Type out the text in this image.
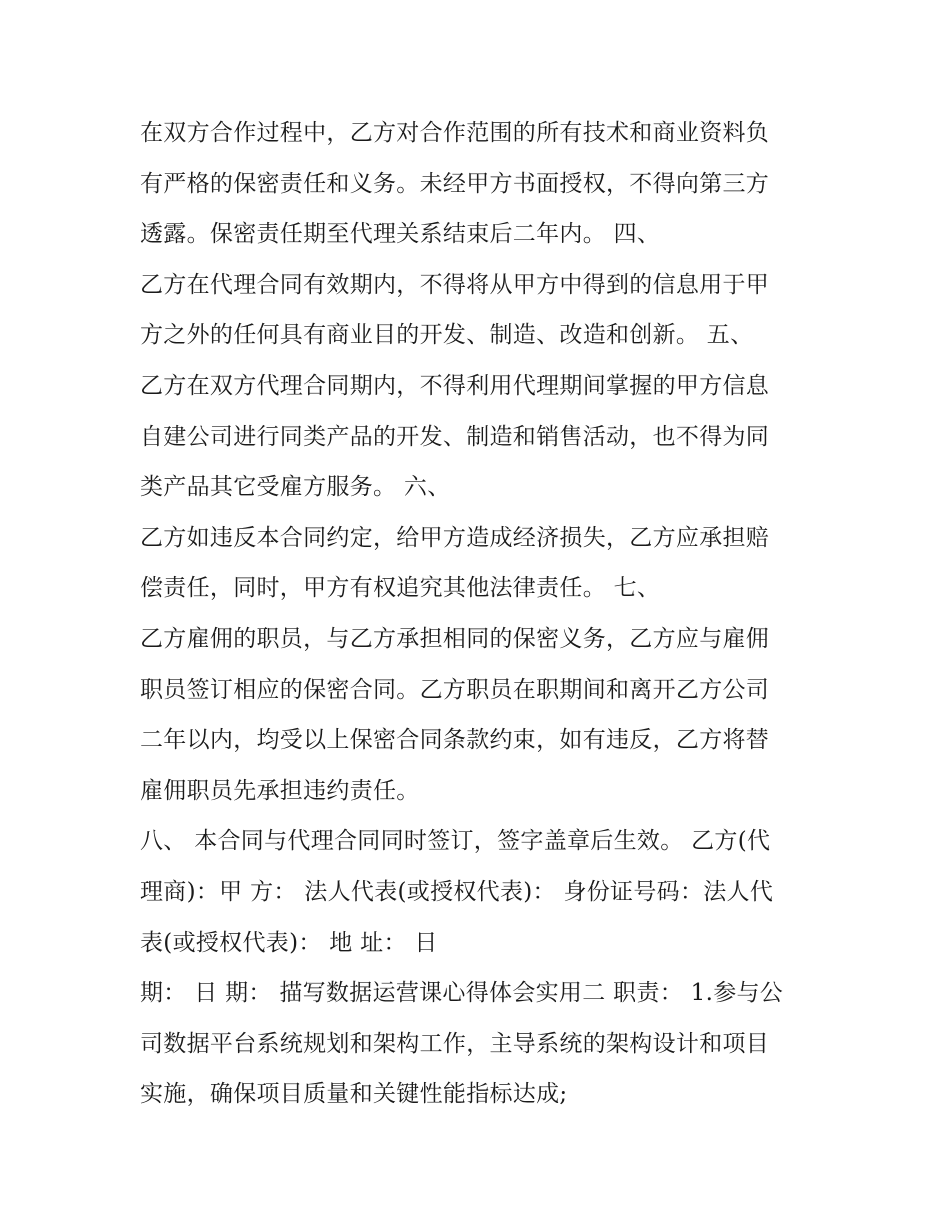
在双方合作过程中，乙方对合作范围的所有技术和商业资料负
有严格的保密责任和义务。未经甲方书面授权，不得向第三方
透露。保密责任期至代理关系结束后二年内。 四、
乙方在代理合同有效期内，不得将从甲方中得到的信息用于甲
方之外的任何具有商业目的开发、制造、改造和创新。 五、
乙方在双方代理合同期内，不得利用代理期间掌握的甲方信息
自建公司进行同类产品的开发、制造和销售活动，也不得为同
类产品其它受雇方服务。 六、
乙方如违反本合同约定，给甲方造成经济损失，乙方应承担赔
偿责任，同时，甲方有权追究其他法律责任。 七、
乙方雇佣的职员，与乙方承担相同的保密义务，乙方应与雇佣
职员签订相应的保密合同。乙方职员在职期间和离开乙方公司
二年以内，均受以上保密合同条款约束，如有违反，乙方将替
雇佣职员先承担违约责任。
八、 本合同与代理合同同时签订，签字盖章后生效。 乙方(代
理商)：甲 方： 法人代表(或授权代表)： 身份证号码：法人代
表(或授权代表)： 地 址： 日
期： 日 期： 描写数据运营课心得体会实用二 职责： 1.参与公
司数据平台系统规划和架构工作，主导系统的架构设计和项目
实施，确保项目质量和关键性能指标达成;
